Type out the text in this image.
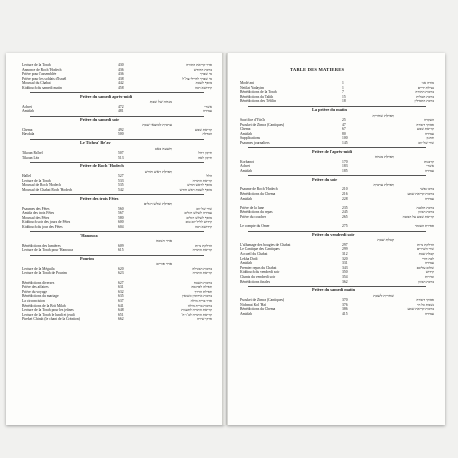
Lecture de la Torah	430	סדר קריאת התורה
Annonce de Roch 'Hodech	436	ברכת החודש
Prière pour l'assemblée	436	מי שברך
Prière pour les soldats d'Israël	438	מי שברך לחיילי צה"ל
Moussaf du Chabat	442	מוסף לשבת
Kiddouch du samedi matin	458	קידושא רבה
Prière du samedi après-midi
מנחה של שבת
Achrei	472	אשרי
Amidah	481	עמידה
Prière du samedi soir
ערבית למוצאי שבת
Chema	492	קריאת שמע
Havdala	500	הבדלה
Le Tichea' Be'av
תשעה באב
Tikoun Ra'hel	507	תיקון רחל
Tikoun Léa	513	תיקון לאה
Prière de Roch 'Hodech
תפילת ראש חודש
Hallel	527	הלל
Lecture de la Torah	533	קריאת התורה
Moussaf de Roch 'Hodech	535	מוסף לראש חודש
Moussaf de Chabat Roch 'Hodech	542	מוסף לשבת ראש חודש
Prière des trois Fêtes
תפילת שלש רגלים
Psaumes des Fêtes	560	שיר של יום
Amida des trois Fêtes	567	עמידה לשלש רגלים
Moussaf des Fêtes	580	מוסף לשלש רגלים
Kiddouch soir des jours de Fêtes	600	קידוש לליל יום טוב
Kiddouch du jour des Fêtes	604	קידושא רבה
'Hanouca
סדר חנוכה
Bénédictions des lumières	609	הדלקת נרות
Lecture de la Torah pour 'Hanouca	615	קריאת התורה
Pourim
סדר פורים
Lecture de la Méguila	620	ברכות המגילה
Lecture de la Torah de Pourim	623	קריאת התורה
Bénédictions diverses	627	ברכות השבח
Prière des affaires	631	תפילה לפרנסה
Prière du voyage	632	תפילת הדרך
Bénédictions du mariage	635	ברכות אירוסין ונשואין
La circoncision	637	סדר ברית מילה
Bénédictions de la Brit Milah	641	ברכות ברית מילה
Lecture de la Torah pour les jeûnes	648	קריאת התורה לתענית
Lecture de la Torah le lundi et jeudi	651	קריאת התורה לב' ו-ה'
Pirekei Chirah (le chant de la Création)	662	פרקי שירה
TABLE DES MATIERES
Modé ani	1	מודה אני
Netilat Yadayim	1	נטילת ידיים
Bénédictions de la Torah	7	ברכות התורה
Bénédictions du Talith	15	ברכת הטלית
Bénédictions des Téfilin	18	ברכת התפילין
La prière du matin
תפילת שחרית
Sacrifice d'Yits'h	25	העקדה
Psoukei de Zimra (Cantiques)	47	פסוקי דזמרה
Chema	67	קריאת שמע
Amidah	80	עמידה
Supplications	100	תחנון
Psaumes journaliers	145	שיר של יום
Prière de l'après-midi
תפילת מנחה
Korbanot	170	קרבנות
Achrei	183	אשרי
Amidah	185	עמידה
Prière du soir
תפילת ערבית
Psaume de Roch 'Hodech	210	ברכו נפשי
Bénédictions du Chema	216	ברכות קריאת שמע
Amidah	228	עמידה
Prière de la lune	235	ברכת הלבנה
Bénédictions du repas	245	ברכת המזון
Prière du coucher	265	קריאת שמע על המטה
Le compte du Omer	275	ספירת העומר
Prière du vendredi soir
קבלת שבת
L'allumage des bougies de Chabat	297	הדלקת נרות
Le Cantique des Cantiques	299	שיר השירים
Accueil du Chabat	312	קבלת שבת
Lekha Dodi	320	לכה דודי
Amidah	331	עמידה
Premier repas du Chabat	343	שלום עליכם
Kiddouch du vendredi soir	350	קידוש
Chants du vendredi soir	354	זמירות
Bénédictions finales	362	ברכת המזון
Prière du samedi matin
שחרית לשבת
Psoukei de Zimra (Cantiques)	370	פסוקי דזמרה
Nichmat Kol 'Haï	376	נשמת כל חי
Bénédictions du Chema	386	ברכות קריאת שמע
Amidah	415	עמידה
